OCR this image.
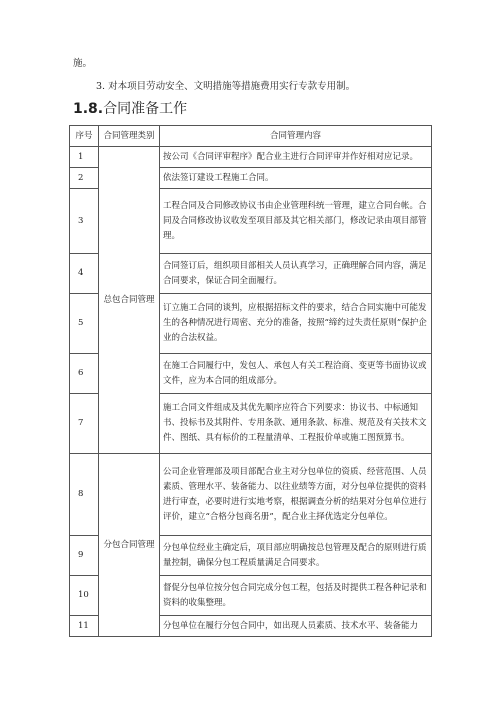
施。
3. 对本项目劳动安全、文明措施等措施费用实行专款专用制。
1.8.合同准备工作
序号	合同管理类别	合同管理内容
1	总包合同管理	按公司《合同评审程序》配合业主进行合同评审并作好相对应记录。
2		依法签订建设工程施工合同。
3		工程合同及合同修改协议书由企业管理科统一管理，建立合同台帐。合同及合同修改协议收发至项目部及其它相关部门，修改记录由项目部管理。
4		合同签订后，组织项目部相关人员认真学习，正确理解合同内容，满足合同要求，保证合同全面履行。
5		订立施工合同的谈判，应根据招标文件的要求，结合合同实施中可能发生的各种情况进行周密、充分的准备，按照“缔约过失责任原则”保护企业的合法权益。
6		在施工合同履行中，发包人、承包人有关工程洽商、变更等书面协议或文件，应为本合同的组成部分。
7		施工合同文件组成及其优先顺序应符合下列要求：协议书、中标通知书、投标书及其附件、专用条款、通用条款、标准、规范及有关技术文件、图纸、具有标价的工程量清单、工程报价单或施工图预算书。
8	分包合同管理	公司企业管理部及项目部配合业主对分包单位的资质、经营范围、人员素质、管理水平、装备能力、以往业绩等方面，对分包单位提供的资料进行审查，必要时进行实地考察，根据调查分析的结果对分包单位进行评价，建立“合格分包商名册”，配合业主择优选定分包单位。
9		分包单位经业主确定后，项目部应明确按总包管理及配合的原则进行质量控制，确保分包工程质量满足合同要求。
10		督促分包单位按分包合同完成分包工程，包括及时提供工程各种记录和资料的收集整理。
11		分包单位在履行分包合同中，如出现人员素质、技术水平、装备能力
